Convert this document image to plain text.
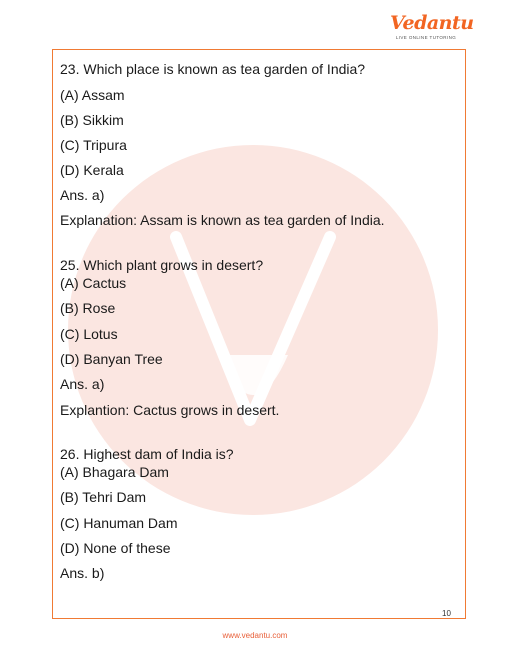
Vedantu
LIVE ONLINE TUTORING
23. Which place is known as tea garden of India?
(A) Assam
(B) Sikkim
(C) Tripura
(D) Kerala
Ans. a)
Explanation: Assam is known as tea garden of India.
25. Which plant grows in desert?
(A) Cactus
(B) Rose
(C) Lotus
(D) Banyan Tree
Ans. a)
Explantion: Cactus grows in desert.
26. Highest dam of India is?
(A) Bhagara Dam
(B) Tehri Dam
(C) Hanuman Dam
(D) None of these
Ans. b)
10
www.vedantu.com
